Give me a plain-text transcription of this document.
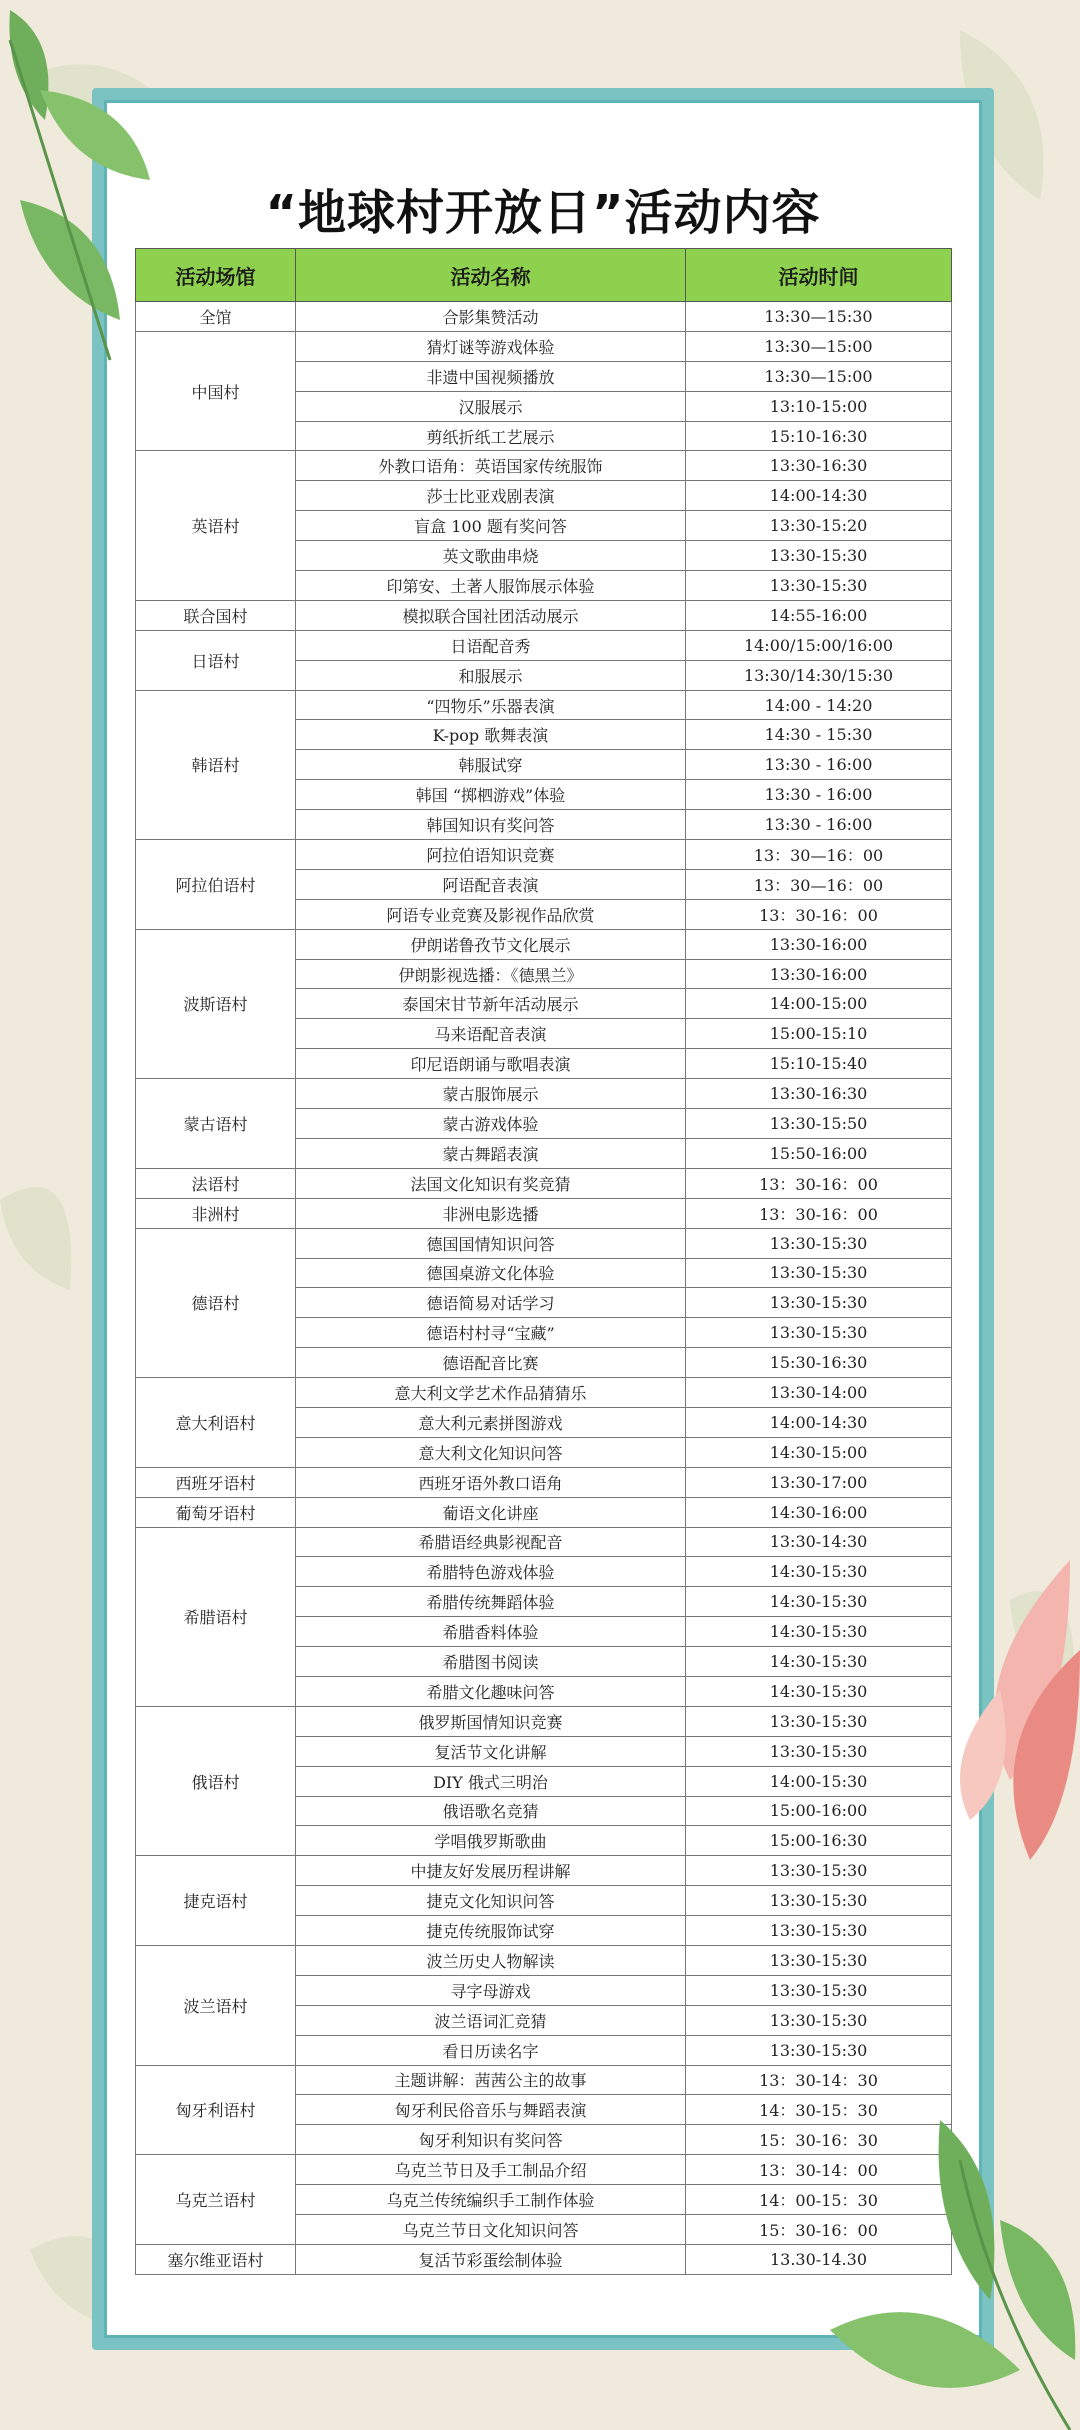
“地球村开放日”活动内容
活动场馆	活动名称	活动时间
全馆	合影集赞活动	13:30—15:30
中国村	猜灯谜等游戏体验	13:30—15:00
	非遗中国视频播放	13:30—15:00
	汉服展示	13:10-15:00
	剪纸折纸工艺展示	15:10-16:30
英语村	外教口语角：英语国家传统服饰	13:30-16:30
	莎士比亚戏剧表演	14:00-14:30
	盲盒 100 题有奖问答	13:30-15:20
	英文歌曲串烧	13:30-15:30
	印第安、土著人服饰展示体验	13:30-15:30
联合国村	模拟联合国社团活动展示	14:55-16:00
日语村	日语配音秀	14:00/15:00/16:00
	和服展示	13:30/14:30/15:30
韩语村	“四物乐”乐器表演	14:00 - 14:20
	K-pop 歌舞表演	14:30 - 15:30
	韩服试穿	13:30 - 16:00
	韩国 “掷柶游戏”体验	13:30 - 16:00
	韩国知识有奖问答	13:30 - 16:00
阿拉伯语村	阿拉伯语知识竞赛	13：30—16：00
	阿语配音表演	13：30—16：00
	阿语专业竞赛及影视作品欣赏	13：30-16：00
波斯语村	伊朗诺鲁孜节文化展示	13:30-16:00
	伊朗影视选播：《德黑兰》	13:30-16:00
	泰国宋甘节新年活动展示	14:00-15:00
	马来语配音表演	15:00-15:10
	印尼语朗诵与歌唱表演	15:10-15:40
蒙古语村	蒙古服饰展示	13:30-16:30
	蒙古游戏体验	13:30-15:50
	蒙古舞蹈表演	15:50-16:00
法语村	法国文化知识有奖竞猜	13：30-16：00
非洲村	非洲电影选播	13：30-16：00
德语村	德国国情知识问答	13:30-15:30
	德国桌游文化体验	13:30-15:30
	德语简易对话学习	13:30-15:30
	德语村村寻“宝藏”	13:30-15:30
	德语配音比赛	15:30-16:30
意大利语村	意大利文学艺术作品猜猜乐	13:30-14:00
	意大利元素拼图游戏	14:00-14:30
	意大利文化知识问答	14:30-15:00
西班牙语村	西班牙语外教口语角	13:30-17:00
葡萄牙语村	葡语文化讲座	14:30-16:00
希腊语村	希腊语经典影视配音	13:30-14:30
	希腊特色游戏体验	14:30-15:30
	希腊传统舞蹈体验	14:30-15:30
	希腊香料体验	14:30-15:30
	希腊图书阅读	14:30-15:30
	希腊文化趣味问答	14:30-15:30
俄语村	俄罗斯国情知识竞赛	13:30-15:30
	复活节文化讲解	13:30-15:30
	DIY 俄式三明治	14:00-15:30
	俄语歌名竞猜	15:00-16:00
	学唱俄罗斯歌曲	15:00-16:30
捷克语村	中捷友好发展历程讲解	13:30-15:30
	捷克文化知识问答	13:30-15:30
	捷克传统服饰试穿	13:30-15:30
波兰语村	波兰历史人物解读	13:30-15:30
	寻字母游戏	13:30-15:30
	波兰语词汇竞猜	13:30-15:30
	看日历读名字	13:30-15:30
匈牙利语村	主题讲解：茜茜公主的故事	13：30-14：30
	匈牙利民俗音乐与舞蹈表演	14：30-15：30
	匈牙利知识有奖问答	15：30-16：30
乌克兰语村	乌克兰节日及手工制品介绍	13：30-14：00
	乌克兰传统编织手工制作体验	14：00-15：30
	乌克兰节日文化知识问答	15：30-16：00
塞尔维亚语村	复活节彩蛋绘制体验	13.30-14.30
